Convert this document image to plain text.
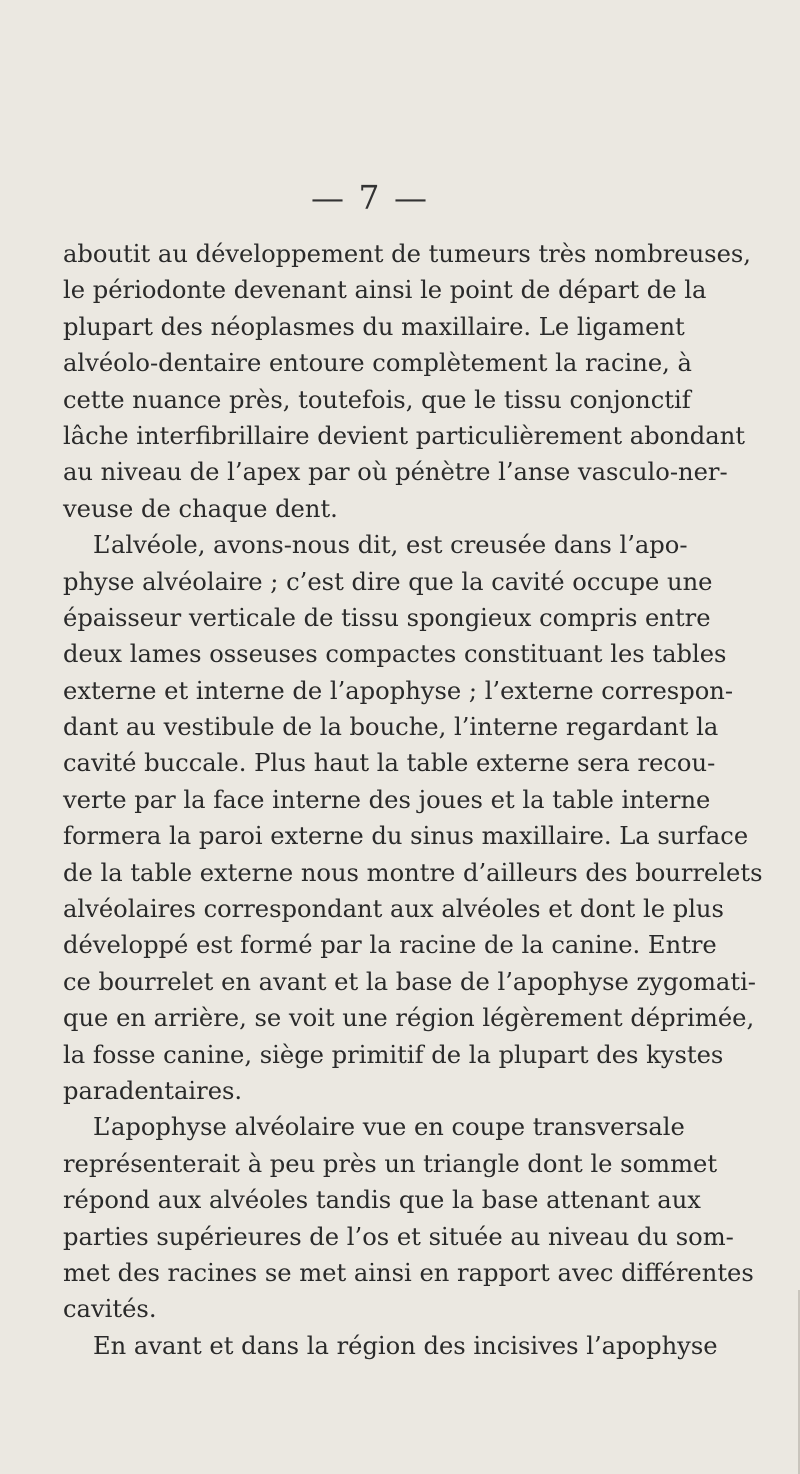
— 7 —
aboutit au développement de tumeurs très nombreuses,
le périodonte devenant ainsi le point de départ de la
plupart des néoplasmes du maxillaire. Le ligament
alvéolo-dentaire entoure complètement la racine, à
cette nuance près, toutefois, que le tissu conjonctif
lâche interfibrillaire devient particulièrement abondant
au niveau de l’apex par où pénètre l’anse vasculo-ner-
veuse de chaque dent.
L’alvéole, avons-nous dit, est creusée dans l’apo-
physe alvéolaire ; c’est dire que la cavité occupe une
épaisseur verticale de tissu spongieux compris entre
deux lames osseuses compactes constituant les tables
externe et interne de l’apophyse ; l’externe correspon-
dant au vestibule de la bouche, l’interne regardant la
cavité buccale. Plus haut la table externe sera recou-
verte par la face interne des joues et la table interne
formera la paroi externe du sinus maxillaire. La surface
de la table externe nous montre d’ailleurs des bourrelets
alvéolaires correspondant aux alvéoles et dont le plus
développé est formé par la racine de la canine. Entre
ce bourrelet en avant et la base de l’apophyse zygomati-
que en arrière, se voit une région légèrement déprimée,
la fosse canine, siège primitif de la plupart des kystes
paradentaires.
L’apophyse alvéolaire vue en coupe transversale
représenterait à peu près un triangle dont le sommet
répond aux alvéoles tandis que la base attenant aux
parties supérieures de l’os et située au niveau du som-
met des racines se met ainsi en rapport avec différentes
cavités.
En avant et dans la région des incisives l’apophyse
